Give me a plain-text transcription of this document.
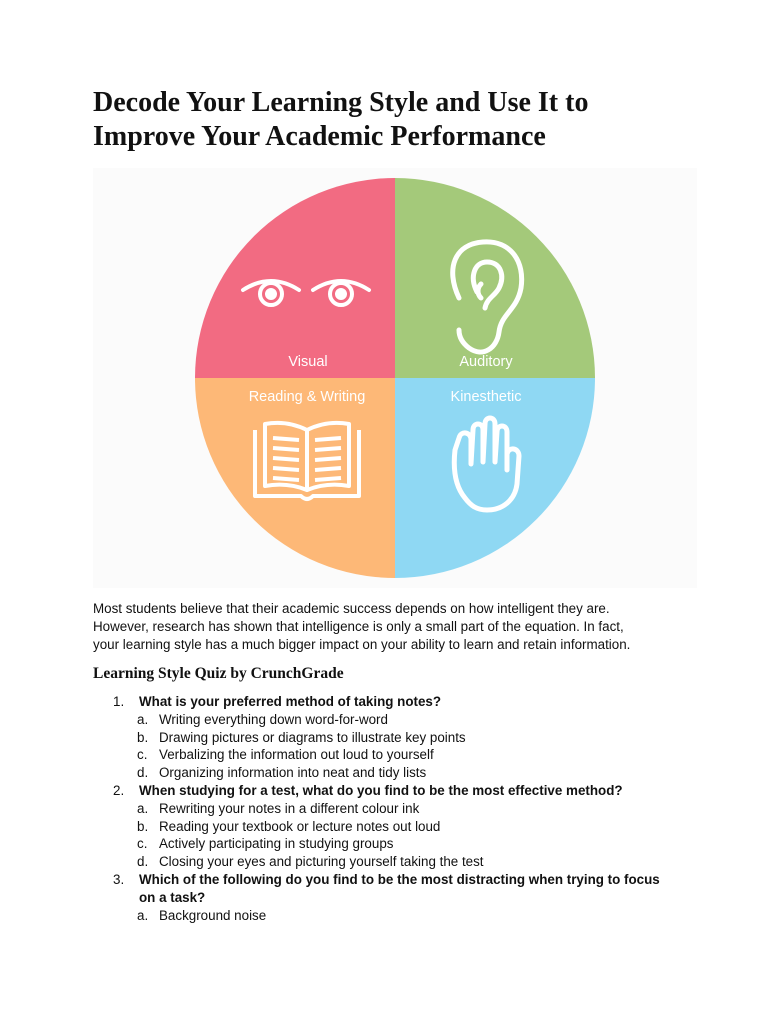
Decode Your Learning Style and Use It to
Improve Your Academic Performance
Visual	Auditory
Reading & Writing	Kinesthetic

Most students believe that their academic success depends on how intelligent they are.
However, research has shown that intelligence is only a small part of the equation. In fact,
your learning style has a much bigger impact on your ability to learn and retain information.

Learning Style Quiz by CrunchGrade
1. What is your preferred method of taking notes?
a. Writing everything down word-for-word
b. Drawing pictures or diagrams to illustrate key points
c. Verbalizing the information out loud to yourself
d. Organizing information into neat and tidy lists
2. When studying for a test, what do you find to be the most effective method?
a. Rewriting your notes in a different colour ink
b. Reading your textbook or lecture notes out loud
c. Actively participating in studying groups
d. Closing your eyes and picturing yourself taking the test
3. Which of the following do you find to be the most distracting when trying to focus
on a task?
a. Background noise
